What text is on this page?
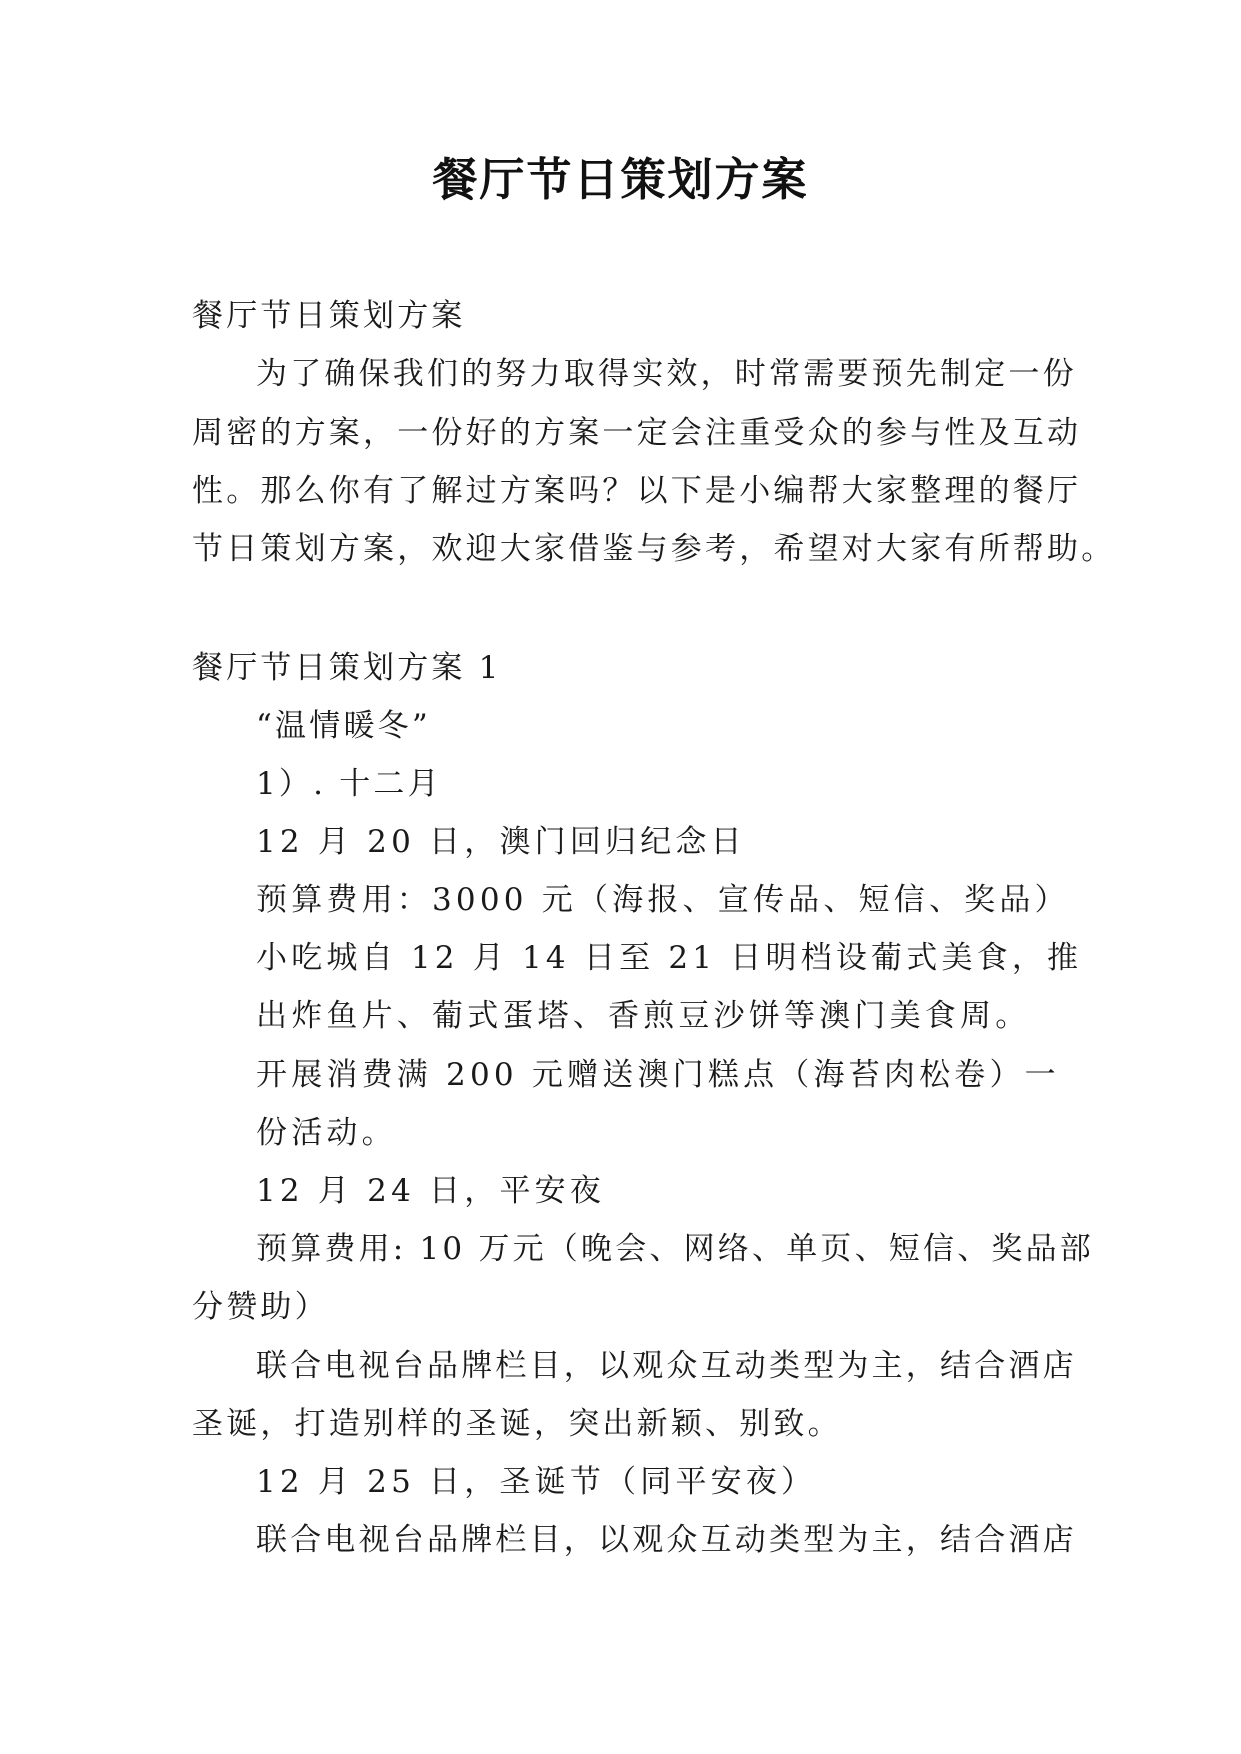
餐厅节日策划方案
餐厅节日策划方案
为了确保我们的努力取得实效，时常需要预先制定一份
周密的方案，一份好的方案一定会注重受众的参与性及互动
性。那么你有了解过方案吗？以下是小编帮大家整理的餐厅
节日策划方案，欢迎大家借鉴与参考，希望对大家有所帮助。
餐厅节日策划方案 1
“温情暖冬”
1）. 十二月
12 月 20 日，澳门回归纪念日
预算费用：3000 元（海报、宣传品、短信、奖品）
小吃城自 12 月 14 日至 21 日明档设葡式美食，推
出炸鱼片、葡式蛋塔、香煎豆沙饼等澳门美食周。
开展消费满 200 元赠送澳门糕点（海苔肉松卷）一
份活动。
12 月 24 日，平安夜
预算费用: 10 万元（晚会、网络、单页、短信、奖品部
分赞助）
联合电视台品牌栏目，以观众互动类型为主，结合酒店
圣诞，打造别样的圣诞，突出新颖、别致。
12 月 25 日，圣诞节（同平安夜）
联合电视台品牌栏目，以观众互动类型为主，结合酒店
